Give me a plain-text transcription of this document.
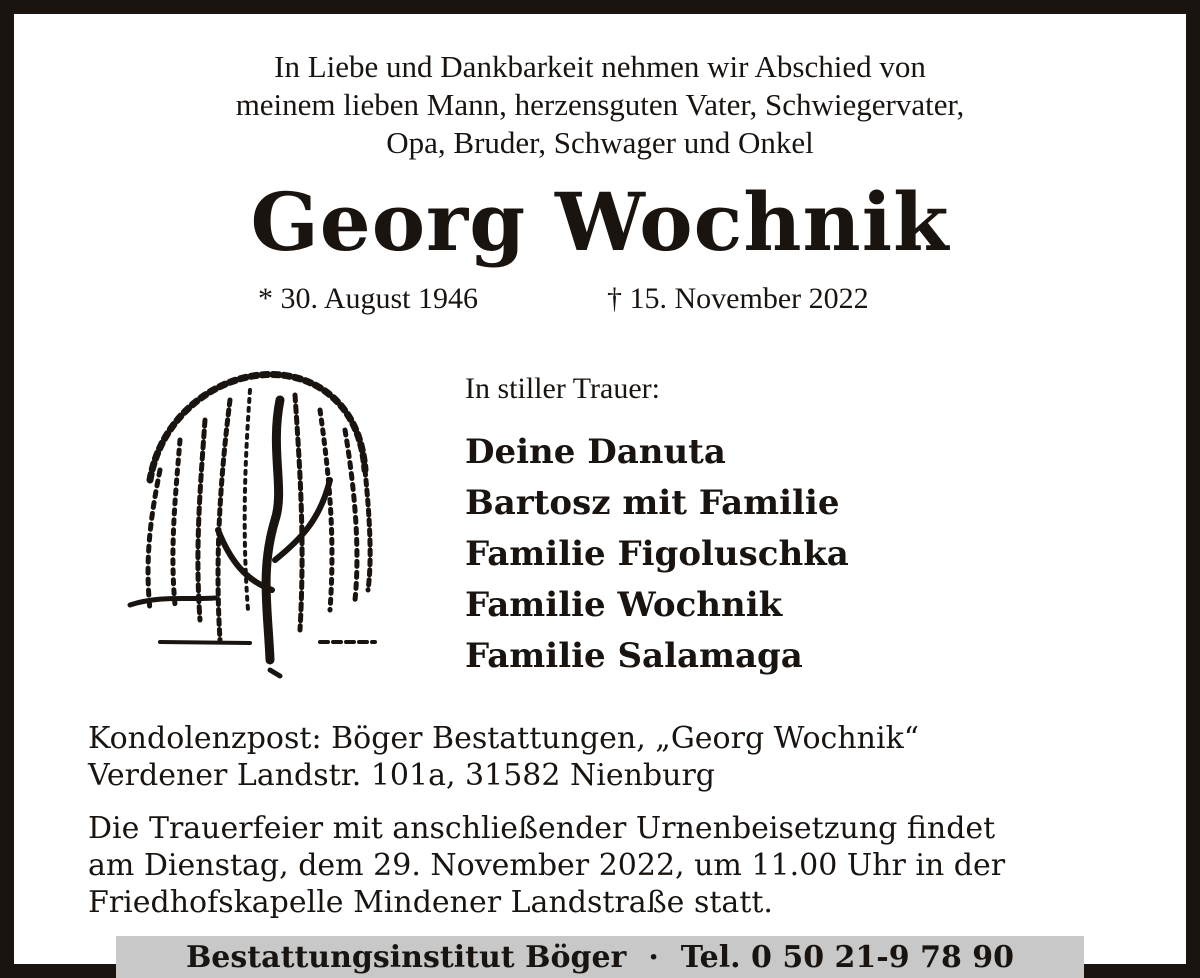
In Liebe und Dankbarkeit nehmen wir Abschied von
meinem lieben Mann, herzensguten Vater, Schwiegervater,
Opa, Bruder, Schwager und Onkel
Georg Wochnik
* 30. August 1946	† 15. November 2022
In stiller Trauer:
Deine Danuta
Bartosz mit Familie
Familie Figoluschka
Familie Wochnik
Familie Salamaga
Kondolenzpost: Böger Bestattungen, „Georg Wochnik“
Verdener Landstr. 101a, 31582 Nienburg
Die Trauerfeier mit anschließender Urnenbeisetzung findet
am Dienstag, dem 29. November 2022, um 11.00 Uhr in der
Friedhofskapelle Mindener Landstraße statt.
Bestattungsinstitut Böger · Tel. 0 50 21-9 78 90
